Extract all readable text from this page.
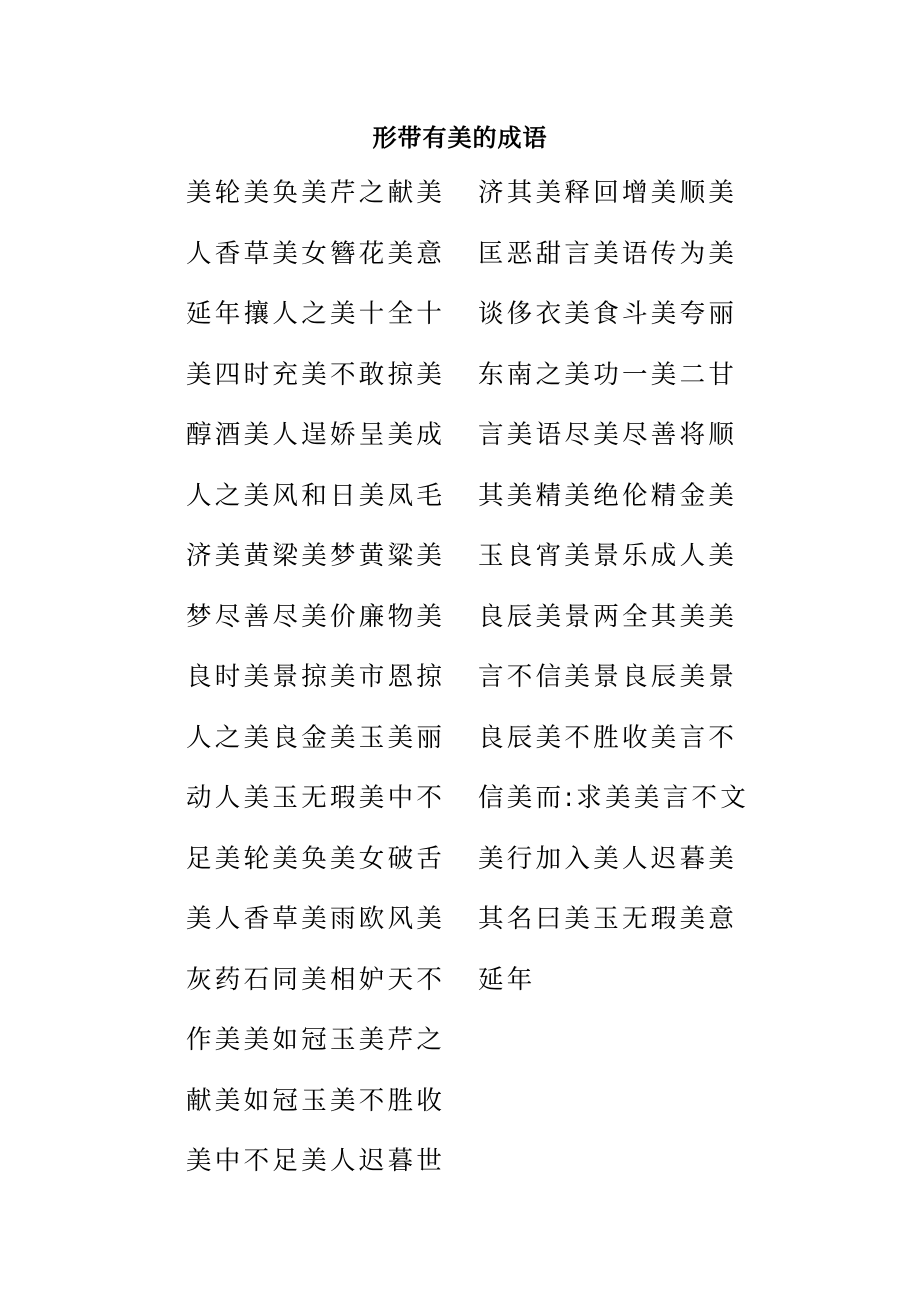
形带有美的成语
美轮美奂美芹之献美
人香草美女簪花美意
延年攘人之美十全十
美四时充美不敢掠美
醇酒美人逞娇呈美成
人之美风和日美凤毛
济美黄梁美梦黄粱美
梦尽善尽美价廉物美
良时美景掠美市恩掠
人之美良金美玉美丽
动人美玉无瑕美中不
足美轮美奂美女破舌
美人香草美雨欧风美
灰药石同美相妒天不
作美美如冠玉美芹之
献美如冠玉美不胜收
美中不足美人迟暮世
济其美释回增美顺美
匡恶甜言美语传为美
谈侈衣美食斗美夸丽
东南之美功一美二甘
言美语尽美尽善将顺
其美精美绝伦精金美
玉良宵美景乐成人美
良辰美景两全其美美
言不信美景良辰美景
良辰美不胜收美言不
信美而:求美美言不文
美行加入美人迟暮美
其名曰美玉无瑕美意
延年
